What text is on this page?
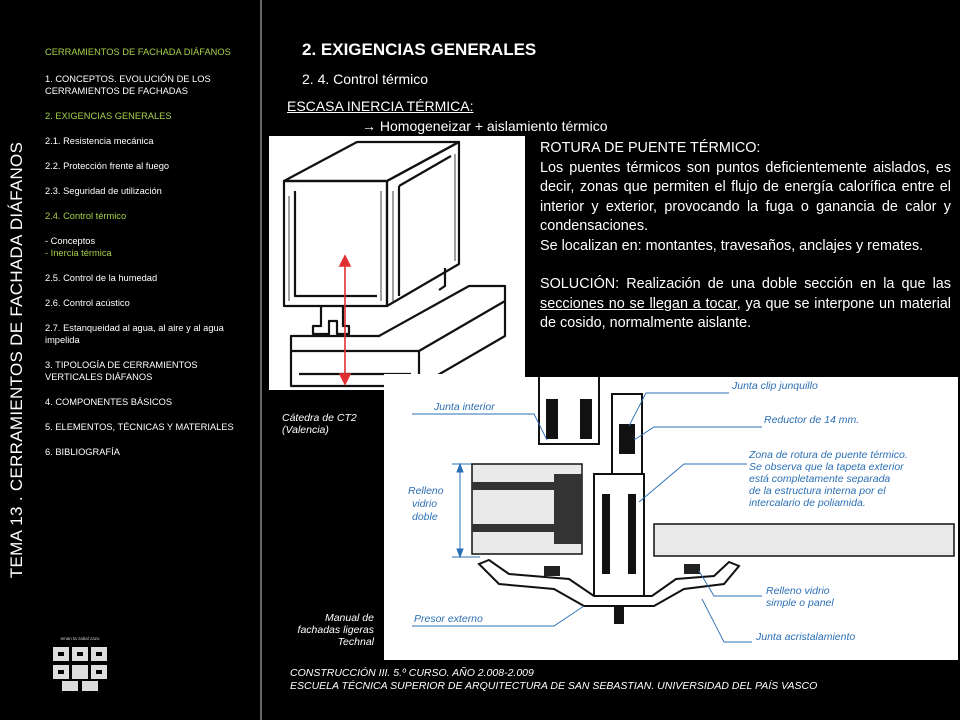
TEMA 13 . CERRAMIENTOS DE FACHADA DIÁFANOS
CERRAMIENTOS DE FACHADA DIÁFANOS
1. CONCEPTOS. EVOLUCIÓN DE LOS CERRAMIENTOS DE FACHADAS
2. EXIGENCIAS GENERALES
2.1. Resistencia mecánica
2.2. Protección frente al fuego
2.3. Seguridad de utilización
2.4. Control térmico
- Conceptos
- Inercia térmica
2.5. Control de la humedad
2.6. Control acústico
2.7. Estanqueidad al agua, al aire y al agua impelida
3. TIPOLOGÍA DE CERRAMIENTOS VERTICALES DIÁFANOS
4. COMPONENTES BÁSICOS
5. ELEMENTOS, TÉCNICAS Y MATERIALES
6. BIBLIOGRAFÍA
eman ta zabal zazu
2. EXIGENCIAS GENERALES
2. 4. Control térmico
ESCASA INERCIA TÉRMICA:
→ Homogeneizar + aislamiento térmico
Junta interior
Junta clip junquillo
Reductor de 14 mm.
Zona de rotura de puente térmico.
Se observa que la tapeta exterior
está completamente separada
de la estructura interna por el
intercalario de poliamida.
Relleno
vidrio
doble
Relleno vidrio
simple o panel
Junta acristalamiento
Presor externo

ROTURA DE PUENTE TÉRMICO:

Los puentes térmicos son puntos deficientemente aislados, es decir, zonas que permiten el flujo de energía calorífica entre el interior y exterior, provocando la fuga o ganancia de calor y condensaciones.

Se localizan en: montantes, travesaños, anclajes y remates.

SOLUCIÓN: Realización de una doble sección en la que las secciones no se llegan a tocar, ya que se interpone un material de cosido, normalmente aislante.

Cátedra de CT2
(Valencia)
Manual de
fachadas ligeras
Technal
CONSTRUCCIÓN III. 5.º CURSO. AÑO 2.008-2.009
ESCUELA TÉCNICA SUPERIOR DE ARQUITECTURA DE SAN SEBASTIAN. UNIVERSIDAD DEL PAÍS VASCO
